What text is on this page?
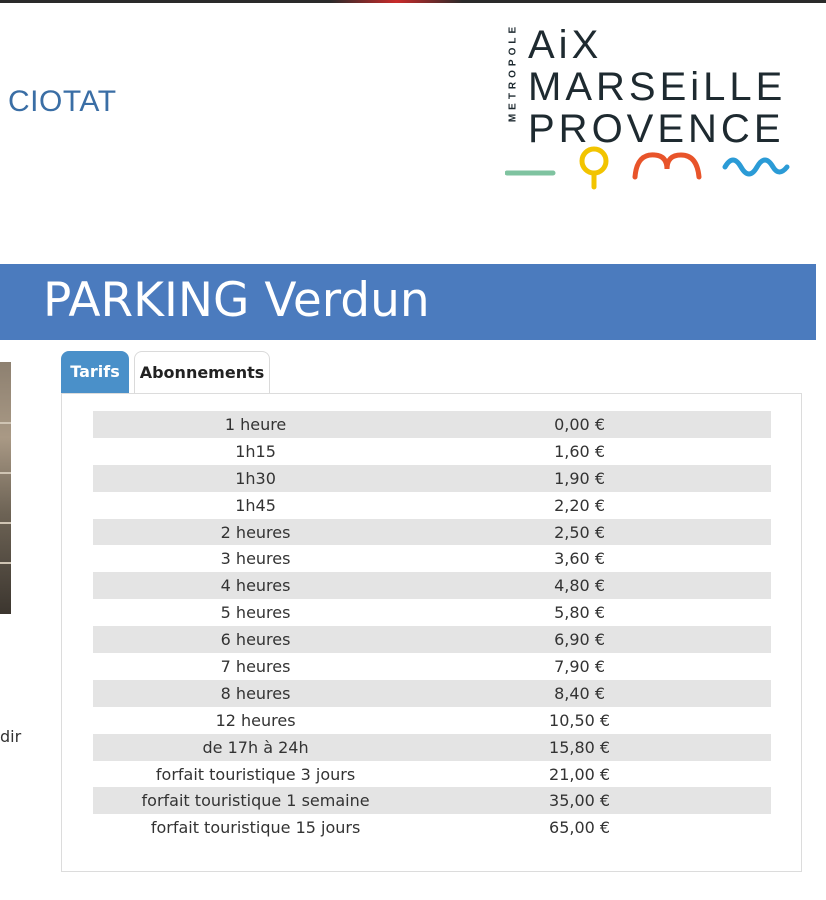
CIOTAT	METROPOLE AiX
MARSEiLLE
PROVENCE
PARKING Verdun
dir
Tarifs	Abonnements
1 heure	0,00 €
1h15	1,60 €
1h30	1,90 €
1h45	2,20 €
2 heures	2,50 €
3 heures	3,60 €
4 heures	4,80 €
5 heures	5,80 €
6 heures	6,90 €
7 heures	7,90 €
8 heures	8,40 €
12 heures	10,50 €
de 17h à 24h	15,80 €
forfait touristique 3 jours	21,00 €
forfait touristique 1 semaine	35,00 €
forfait touristique 15 jours	65,00 €
